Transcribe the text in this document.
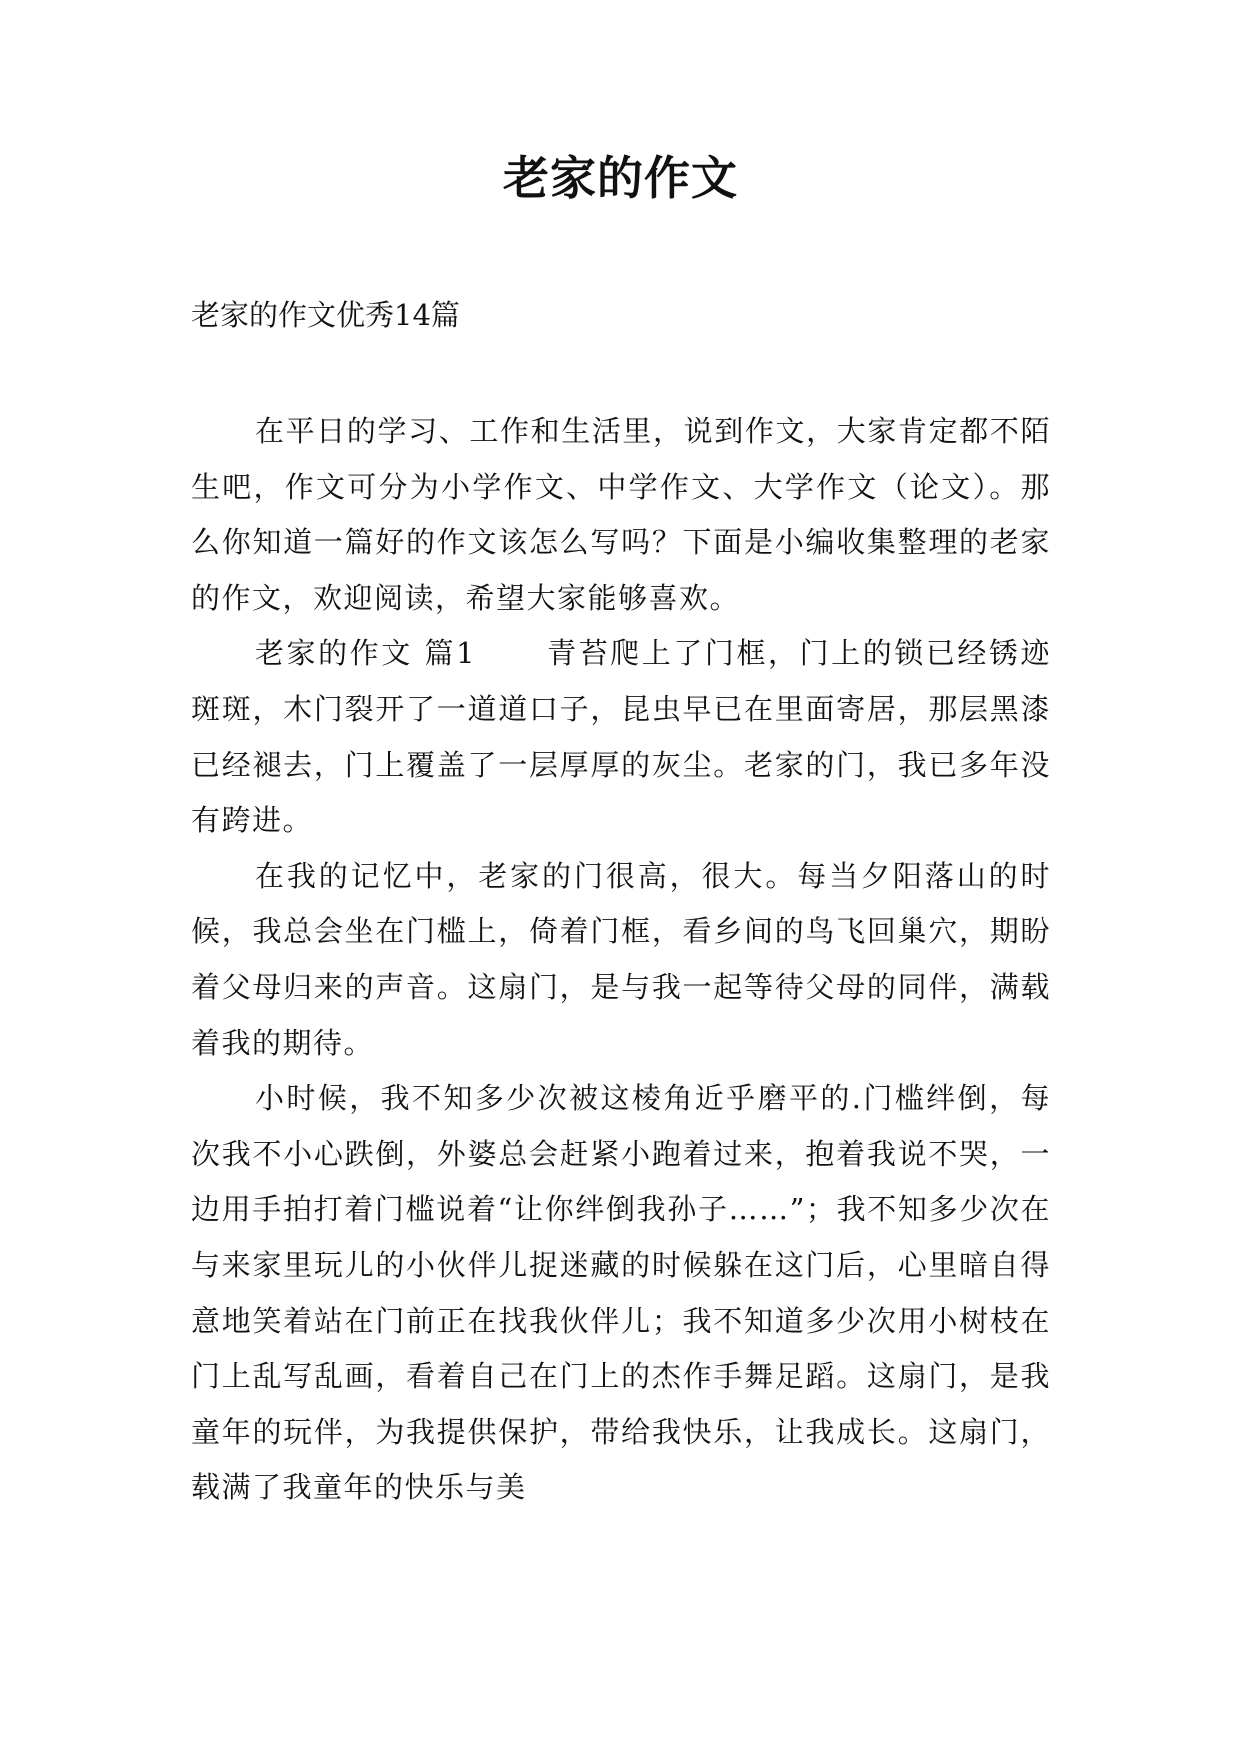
老家的作文

老家的作文优秀14篇

在平日的学习、工作和生活里，说到作文，大家肯定都不陌生吧，作文可分为小学作文、中学作文、大学作文（论文）。那么你知道一篇好的作文该怎么写吗？下面是小编收集整理的老家的作文，欢迎阅读，希望大家能够喜欢。

老家的作文 篇1 青苔爬上了门框，门上的锁已经锈迹斑斑，木门裂开了一道道口子，昆虫早已在里面寄居，那层黑漆已经褪去，门上覆盖了一层厚厚的灰尘。老家的门，我已多年没有跨进。

在我的记忆中，老家的门很高，很大。每当夕阳落山的时候，我总会坐在门槛上，倚着门框，看乡间的鸟飞回巢穴，期盼着父母归来的声音。这扇门，是与我一起等待父母的同伴，满载着我的期待。

小时候，我不知多少次被这棱角近乎磨平的.门槛绊倒，每次我不小心跌倒，外婆总会赶紧小跑着过来，抱着我说不哭，一边用手拍打着门槛说着“让你绊倒我孙子……”；我不知多少次在与来家里玩儿的小伙伴儿捉迷藏的时候躲在这门后，心里暗自得意地笑着站在门前正在找我伙伴儿；我不知道多少次用小树枝在门上乱写乱画，看着自己在门上的杰作手舞足蹈。这扇门，是我童年的玩伴，为我提供保护，带给我快乐，让我成长。这扇门，载满了我童年的快乐与美
